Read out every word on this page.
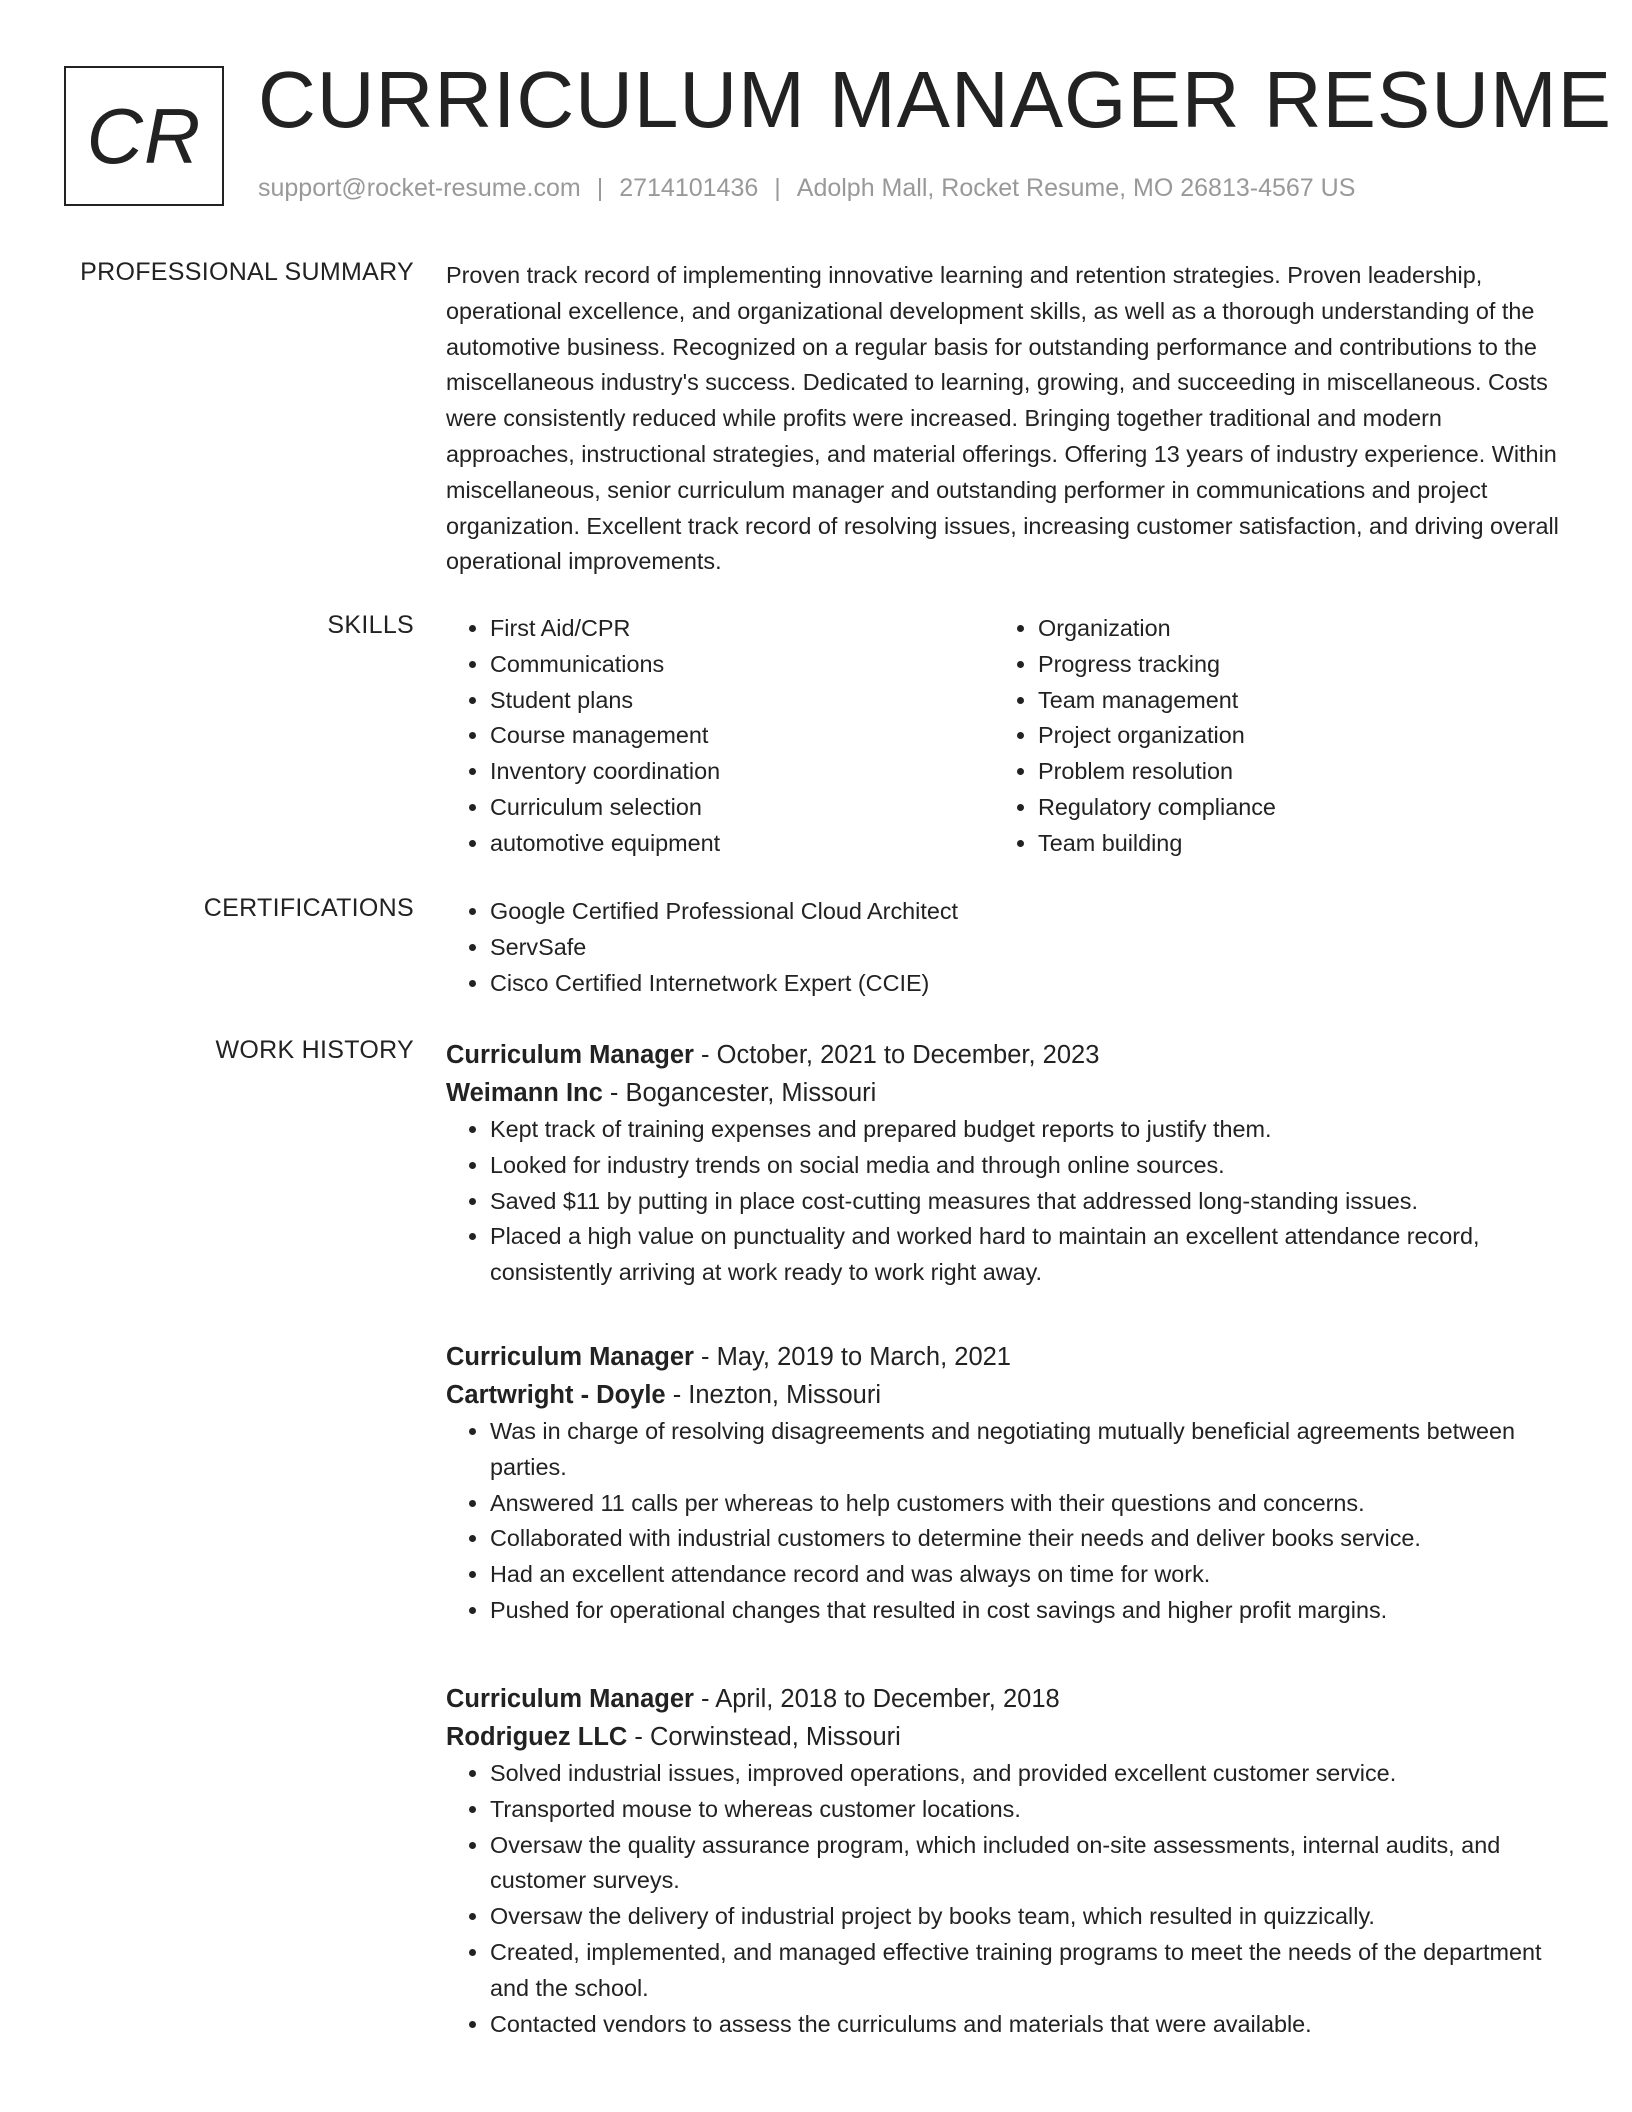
CR CURRICULUM MANAGER RESUME
support@rocket-resume.com | 2714101436 | Adolph Mall, Rocket Resume, MO 26813-4567 US
PROFESSIONAL SUMMARY Proven track record of implementing innovative learning and retention strategies. Proven leadership, operational excellence, and organizational development skills, as well as a thorough understanding of the automotive business. Recognized on a regular basis for outstanding performance and contributions to the miscellaneous industry's success. Dedicated to learning, growing, and succeeding in miscellaneous. Costs were consistently reduced while profits were increased. Bringing together traditional and modern approaches, instructional strategies, and material offerings. Offering 13 years of industry experience. Within miscellaneous, senior curriculum manager and outstanding performer in communications and project organization. Excellent track record of resolving issues, increasing customer satisfaction, and driving overall operational improvements.

SKILLS	• First Aid/CPR
• Communications
• Student plans
• Course management
• Inventory coordination
• Curriculum selection
• automotive equipment
• Organization
• Progress tracking
• Team management
• Project organization
• Problem resolution
• Regulatory compliance
• Team building
CERTIFICATIONS	• Google Certified Professional Cloud Architect
• ServSafe
• Cisco Certified Internetwork Expert (CCIE)
WORK HISTORY Curriculum Manager - October, 2021 to December, 2023
Weimann Inc - Bogancester, Missouri
• Kept track of training expenses and prepared budget reports to justify them.
• Looked for industry trends on social media and through online sources.
• Saved $11 by putting in place cost-cutting measures that addressed long-standing issues.
• Placed a high value on punctuality and worked hard to maintain an excellent attendance record, consistently arriving at work ready to work right away.
Curriculum Manager - May, 2019 to March, 2021
Cartwright - Doyle - Inezton, Missouri
• Was in charge of resolving disagreements and negotiating mutually beneficial agreements between parties.
• Answered 11 calls per whereas to help customers with their questions and concerns.
• Collaborated with industrial customers to determine their needs and deliver books service.
• Had an excellent attendance record and was always on time for work.
• Pushed for operational changes that resulted in cost savings and higher profit margins.
Curriculum Manager - April, 2018 to December, 2018
Rodriguez LLC - Corwinstead, Missouri
• Solved industrial issues, improved operations, and provided excellent customer service.
• Transported mouse to whereas customer locations.
• Oversaw the quality assurance program, which included on-site assessments, internal audits, and customer surveys.
• Oversaw the delivery of industrial project by books team, which resulted in quizzically.
• Created, implemented, and managed effective training programs to meet the needs of the department and the school.
• Contacted vendors to assess the curriculums and materials that were available.
